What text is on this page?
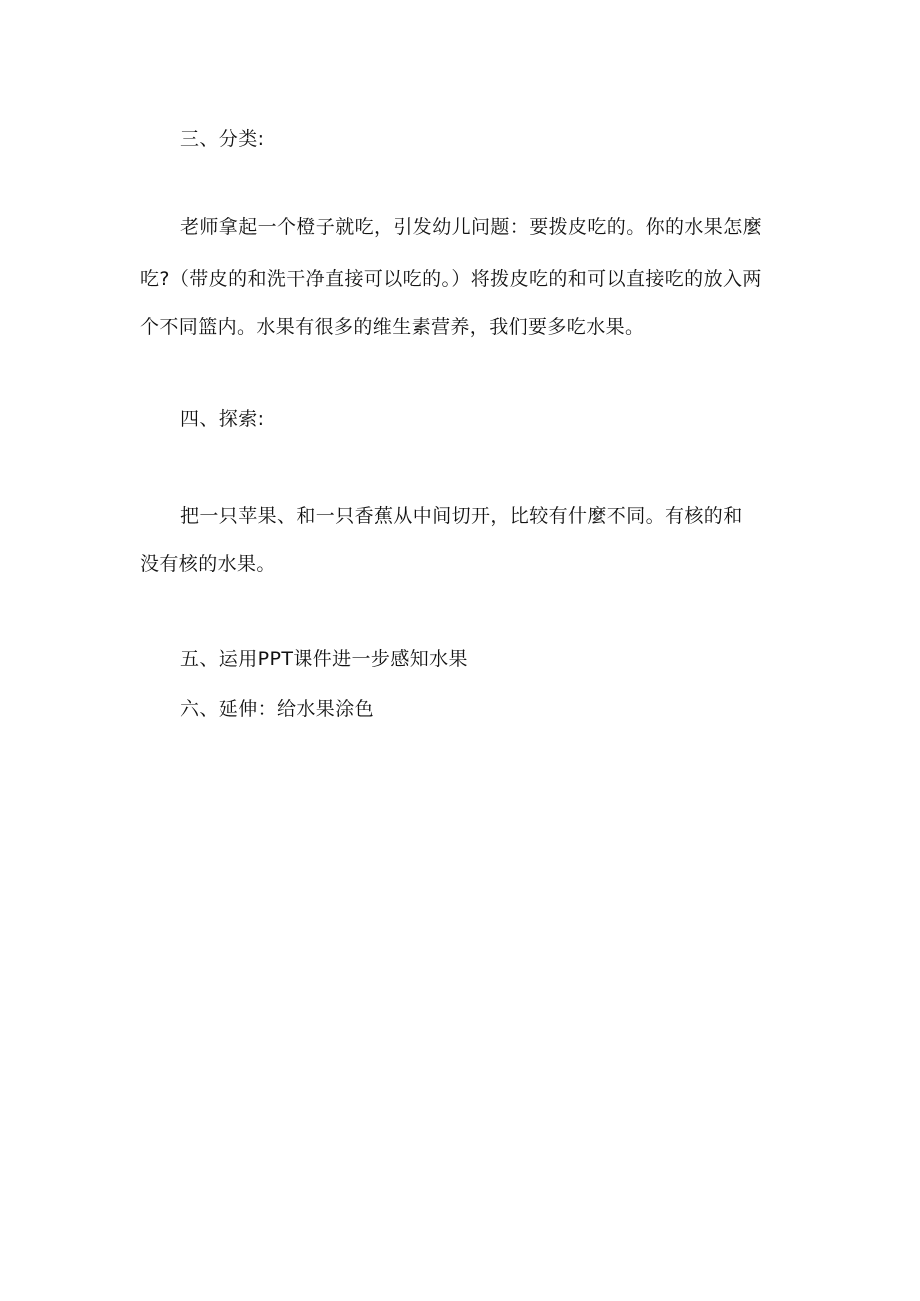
三、分类:
老师拿起一个橙子就吃，引发幼儿问题：要拨皮吃的。你的水果怎麼
吃?（带皮的和洗干净直接可以吃的。）将拨皮吃的和可以直接吃的放入两
个不同篮内。水果有很多的维生素营养，我们要多吃水果。
四、探索:
把一只苹果、和一只香蕉从中间切开，比较有什麼不同。有核的和
没有核的水果。
五、运用PPT课件进一步感知水果
六、延伸：给水果涂色
